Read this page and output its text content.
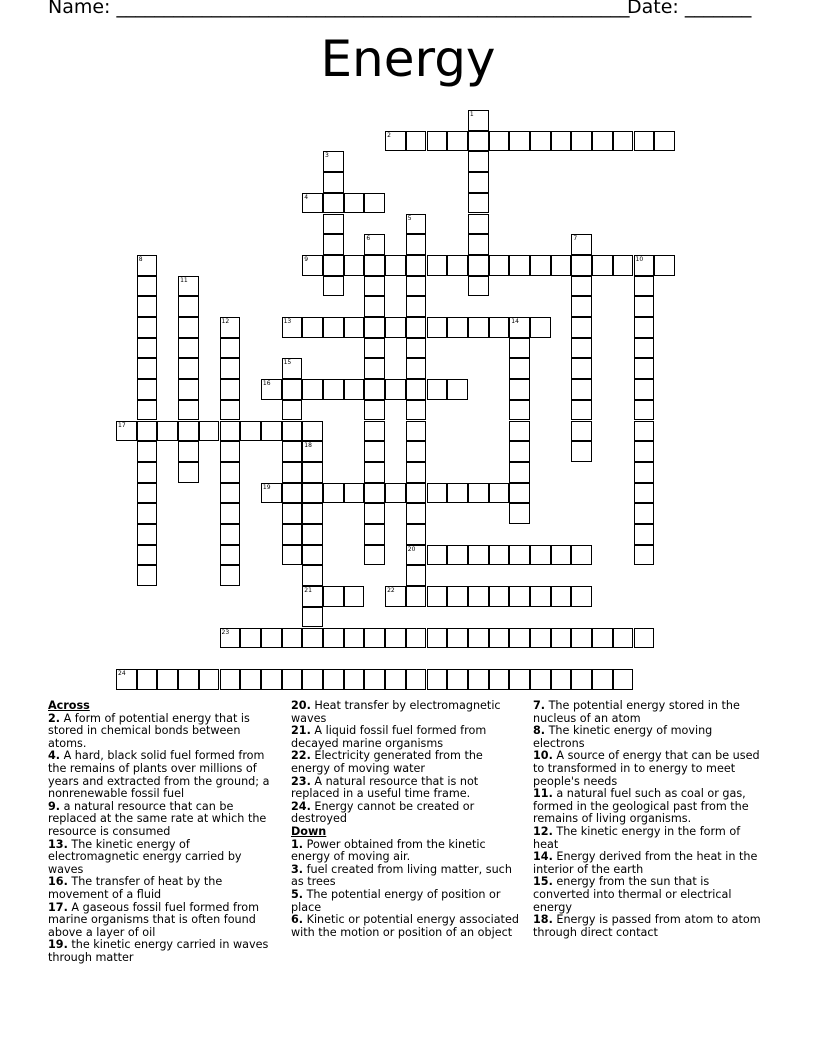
Name: ______________________________________________________
Date: _______
Energy
1
2
3
4
5
20
6	7
8	9	10
11
12	13	14
15
16
17
18
21
19
22
23
24
Across

2. A form of potential energy that is stored in chemical bonds between atoms.

4. A hard, black solid fuel formed from the remains of plants over millions of years and extracted from the ground; a nonrenewable fossil fuel

9. a natural resource that can be replaced at the same rate at which the resource is consumed

13. The kinetic energy of electromagnetic energy carried by waves

16. The transfer of heat by the movement of a fluid

17. A gaseous fossil fuel formed from marine organisms that is often found above a layer of oil

19. the kinetic energy carried in waves through matter

20. Heat transfer by electromagnetic waves

21. A liquid fossil fuel formed from decayed marine organisms

22. Electricity generated from the energy of moving water

23. A natural resource that is not replaced in a useful time frame.

24. Energy cannot be created or destroyed

Down

1. Power obtained from the kinetic energy of moving air.

3. fuel created from living matter, such as trees

5. The potential energy of position or place

6. Kinetic or potential energy associated with the motion or position of an object

7. The potential energy stored in the nucleus of an atom

8. The kinetic energy of moving electrons

10. A source of energy that can be used to transformed in to energy to meet people's needs

11. a natural fuel such as coal or gas, formed in the geological past from the remains of living organisms.

12. The kinetic energy in the form of heat

14. Energy derived from the heat in the interior of the earth

15. energy from the sun that is converted into thermal or electrical energy

18. Energy is passed from atom to atom through direct contact
